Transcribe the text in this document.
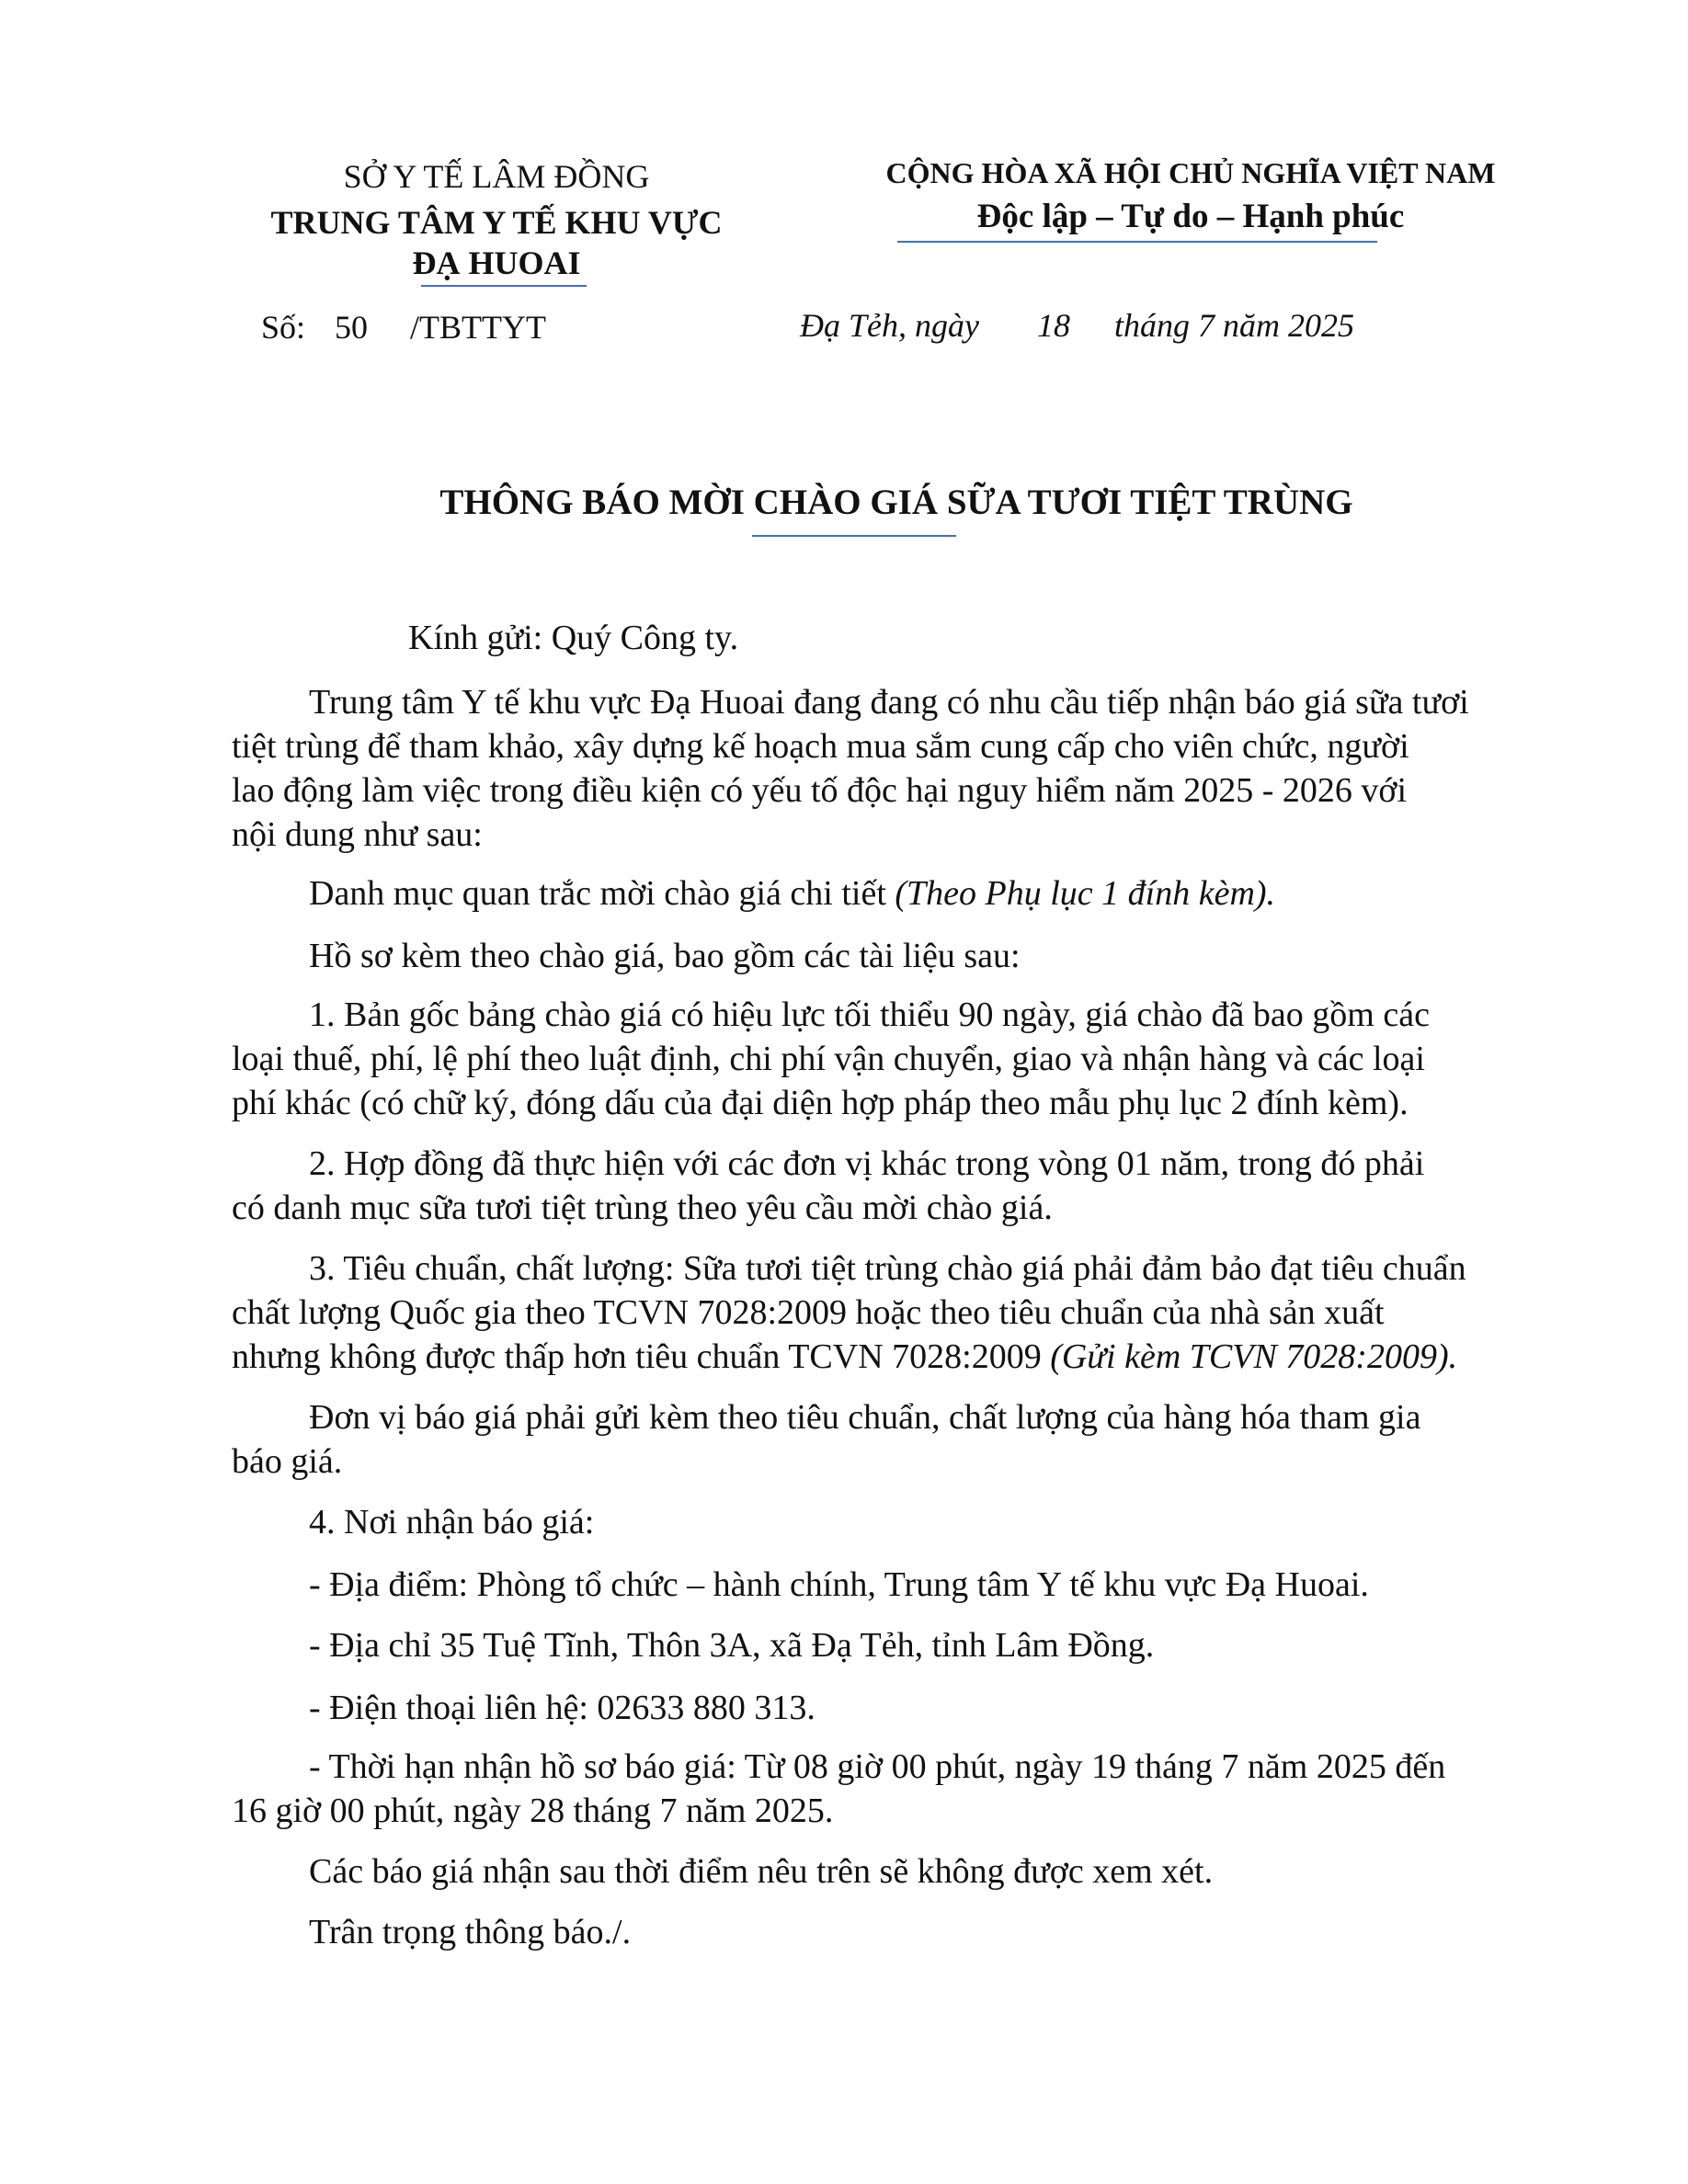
SỞ Y TẾ LÂM ĐỒNG
TRUNG TÂM Y TẾ KHU VỰC
ĐẠ HUOAI
Số: 50 /TBTTYT
CỘNG HÒA XÃ HỘI CHỦ NGHĨA VIỆT NAM
Độc lập – Tự do – Hạnh phúc
Đạ Tẻh, ngày 18 tháng 7 năm 2025
THÔNG BÁO MỜI CHÀO GIÁ SỮA TƯƠI TIỆT TRÙNG
Kính gửi: Quý Công ty.
Trung tâm Y tế khu vực Đạ Huoai đang đang có nhu cầu tiếp nhận báo giá sữa tươi
tiệt trùng để tham khảo, xây dựng kế hoạch mua sắm cung cấp cho viên chức, người
lao động làm việc trong điều kiện có yếu tố độc hại nguy hiểm năm 2025 - 2026 với
nội dung như sau:
Danh mục quan trắc mời chào giá chi tiết (Theo Phụ lục 1 đính kèm).
Hồ sơ kèm theo chào giá, bao gồm các tài liệu sau:
1. Bản gốc bảng chào giá có hiệu lực tối thiểu 90 ngày, giá chào đã bao gồm các
loại thuế, phí, lệ phí theo luật định, chi phí vận chuyển, giao và nhận hàng và các loại
phí khác (có chữ ký, đóng dấu của đại diện hợp pháp theo mẫu phụ lục 2 đính kèm).
2. Hợp đồng đã thực hiện với các đơn vị khác trong vòng 01 năm, trong đó phải
có danh mục sữa tươi tiệt trùng theo yêu cầu mời chào giá.
3. Tiêu chuẩn, chất lượng: Sữa tươi tiệt trùng chào giá phải đảm bảo đạt tiêu chuẩn
chất lượng Quốc gia theo TCVN 7028:2009 hoặc theo tiêu chuẩn của nhà sản xuất
nhưng không được thấp hơn tiêu chuẩn TCVN 7028:2009 (Gửi kèm TCVN 7028:2009).
Đơn vị báo giá phải gửi kèm theo tiêu chuẩn, chất lượng của hàng hóa tham gia
báo giá.
4. Nơi nhận báo giá:
- Địa điểm: Phòng tổ chức – hành chính, Trung tâm Y tế khu vực Đạ Huoai.
- Địa chỉ 35 Tuệ Tĩnh, Thôn 3A, xã Đạ Tẻh, tỉnh Lâm Đồng.
- Điện thoại liên hệ: 02633 880 313.
- Thời hạn nhận hồ sơ báo giá: Từ 08 giờ 00 phút, ngày 19 tháng 7 năm 2025 đến
16 giờ 00 phút, ngày 28 tháng 7 năm 2025.
Các báo giá nhận sau thời điểm nêu trên sẽ không được xem xét.
Trân trọng thông báo./.
